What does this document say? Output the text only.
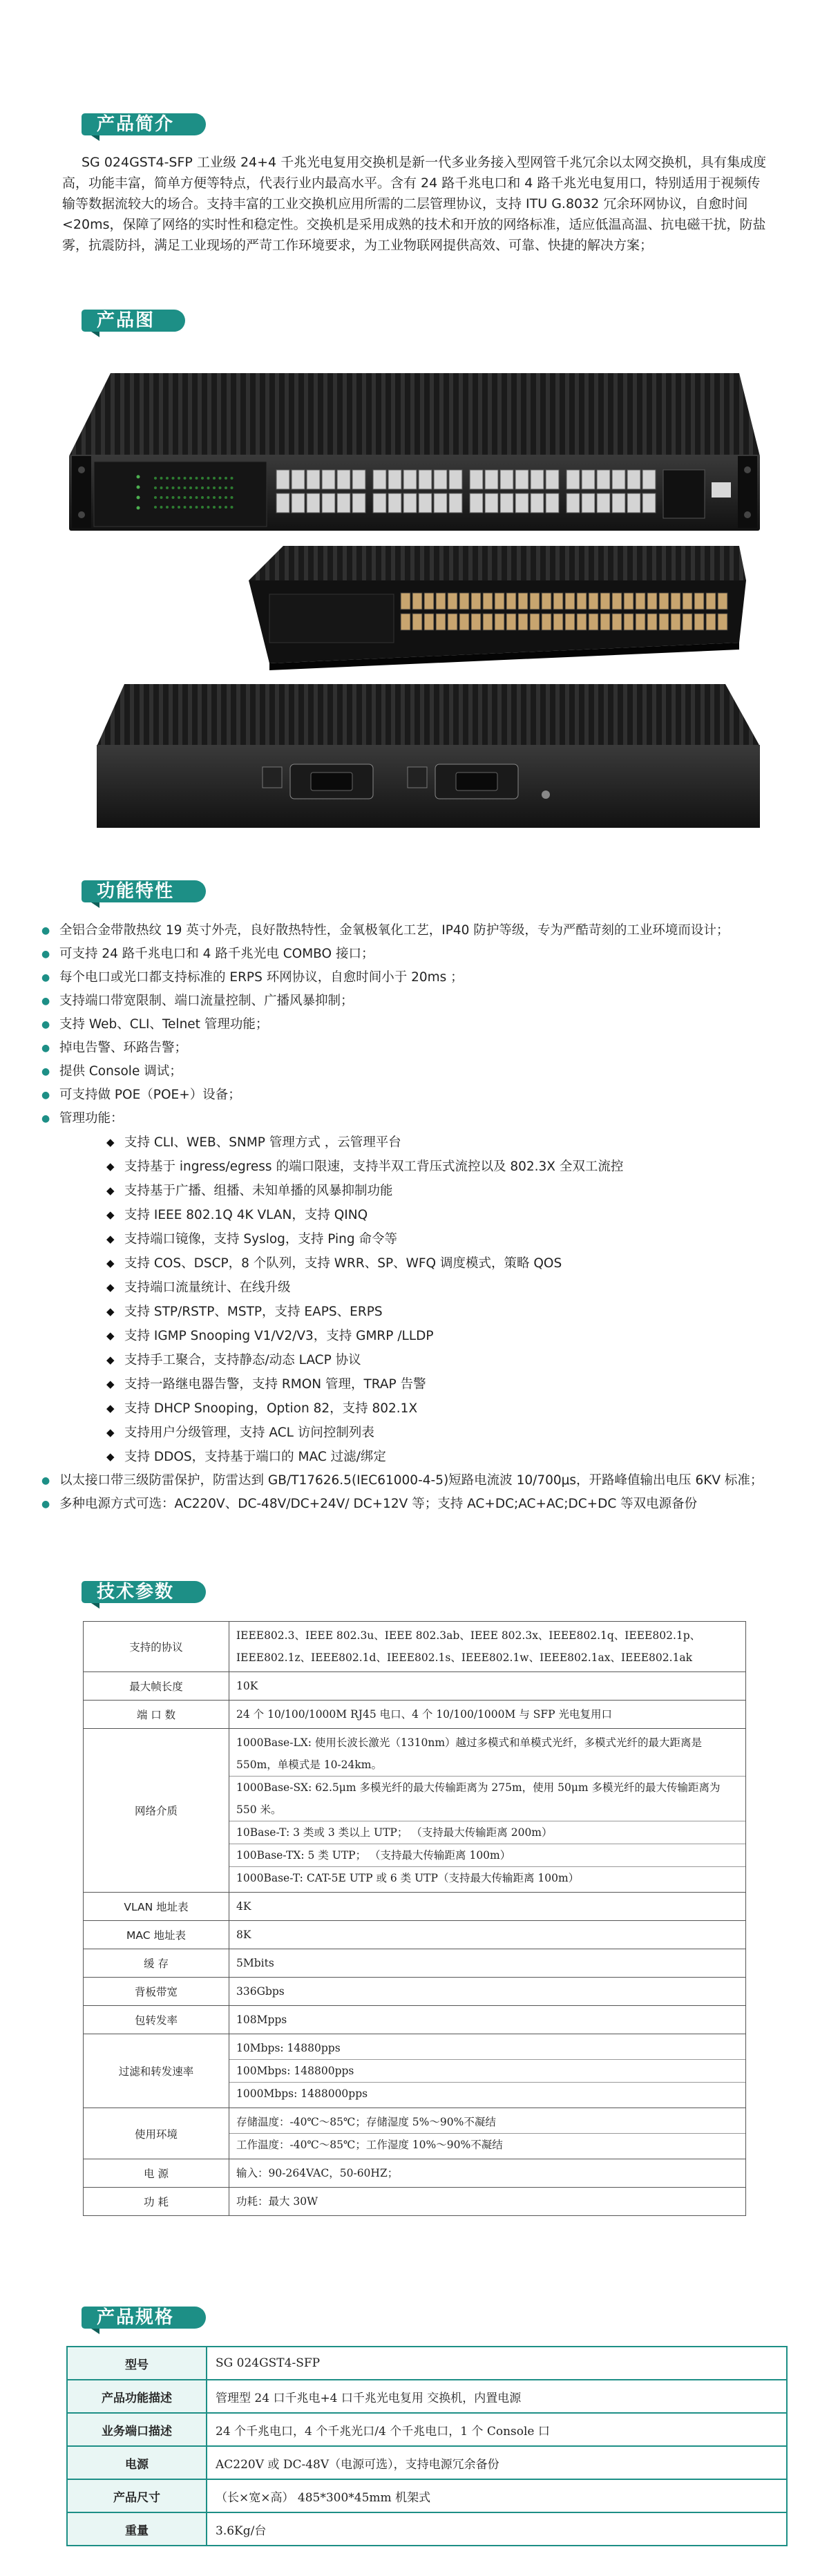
产品简介
SG 024GST4-SFP 工业级 24+4 千兆光电复用交换机是新一代多业务接入型网管千兆冗余以太网交换机，具有集成度高，功能丰富，简单方便等特点，代表行业内最高水平。含有 24 路千兆电口和 4 路千兆光电复用口，特别适用于视频传输等数据流较大的场合。支持丰富的工业交换机应用所需的二层管理协议，支持 ITU G.8032 冗余环网协议，自愈时间<20ms，保障了网络的实时性和稳定性。交换机是采用成熟的技术和开放的网络标准，适应低温高温、抗电磁干扰，防盐雾，抗震防抖，满足工业现场的严苛工作环境要求，为工业物联网提供高效、可靠、快捷的解决方案；
产品图
功能特性
● 全铝合金带散热纹 19 英寸外壳，良好散热特性，金氧极氧化工艺，IP40 防护等级，专为严酷苛刻的工业环境而设计；
● 可支持 24 路千兆电口和 4 路千兆光电 COMBO 接口；
● 每个电口或光口都支持标准的 ERPS 环网协议，自愈时间小于 20ms ；
● 支持端口带宽限制、端口流量控制、广播风暴抑制；
● 支持 Web、CLI、Telnet 管理功能；
● 掉电告警、环路告警；
● 提供 Console 调试；
● 可支持做 POE（POE+）设备；
● 管理功能：
◆ 支持 CLI、WEB、SNMP 管理方式 ，云管理平台
◆ 支持基于 ingress/egress 的端口限速，支持半双工背压式流控以及 802.3X 全双工流控
◆ 支持基于广播、组播、未知单播的风暴抑制功能
◆ 支持 IEEE 802.1Q 4K VLAN，支持 QINQ
◆ 支持端口镜像，支持 Syslog，支持 Ping 命令等
◆ 支持 COS、DSCP，8 个队列，支持 WRR、SP、WFQ 调度模式，策略 QOS
◆ 支持端口流量统计、在线升级
◆ 支持 STP/RSTP、MSTP，支持 EAPS、ERPS
◆ 支持 IGMP Snooping V1/V2/V3，支持 GMRP /LLDP
◆ 支持手工聚合，支持静态/动态 LACP 协议
◆ 支持一路继电器告警，支持 RMON 管理，TRAP 告警
◆ 支持 DHCP Snooping，Option 82，支持 802.1X
◆ 支持用户分级管理，支持 ACL 访问控制列表
◆ 支持 DDOS，支持基于端口的 MAC 过滤/绑定
● 以太接口带三级防雷保护，防雷达到 GB/T17626.5(IEC61000-4-5)短路电流波 10/700μs，开路峰值输出电压 6KV 标准；
● 多种电源方式可选：AC220V、DC-48V/DC+24V/ DC+12V 等；支持 AC+DC;AC+AC;DC+DC 等双电源备份
技术参数
支持的协议	IEEE802.3、IEEE 802.3u、IEEE 802.3ab、IEEE 802.3x、IEEE802.1q、IEEE802.1p、IEEE802.1z、IEEE802.1d、IEEE802.1s、IEEE802.1w、IEEE802.1ax、IEEE802.1ak

最大帧长度	10K

端 口 数	24 个 10/100/1000M RJ45 电口、4 个 10/100/1000M 与 SFP 光电复用口

网络介质	1000Base-LX: 使用长波长激光（1310nm）越过多模式和单模式光纤，多模式光纤的最大距离是 550m，单模式是 10-24km。
1000Base-SX: 62.5μm 多模光纤的最大传输距离为 275m，使用 50μm 多模光纤的最大传输距离为 550 米。
10Base-T: 3 类或 3 类以上 UTP； （支持最大传输距离 200m）
100Base-TX: 5 类 UTP； （支持最大传输距离 100m）
1000Base-T: CAT-5E UTP 或 6 类 UTP（支持最大传输距离 100m）

VLAN 地址表	4K

MAC 地址表	8K

缓 存	5Mbits

背板带宽	336Gbps

包转发率	108Mpps

过滤和转发速率	10Mbps: 14880pps
100Mbps: 148800pps
1000Mbps: 1488000pps

使用环境	存储温度：-40℃～85℃；存储湿度 5%～90%不凝结
工作温度：-40℃～85℃；工作湿度 10%～90%不凝结

电 源	输入：90-264VAC，50-60HZ；

功 耗	功耗：最大 30W
产品规格
型号	SG 024GST4-SFP
产品功能描述	管理型 24 口千兆电+4 口千兆光电复用 交换机，内置电源
业务端口描述	24 个千兆电口，4 个千兆光口/4 个千兆电口，1 个 Console 口
电源	AC220V 或 DC-48V（电源可选），支持电源冗余备份
产品尺寸	（长×宽×高） 485*300*45mm 机架式
重量	3.6Kg/台
